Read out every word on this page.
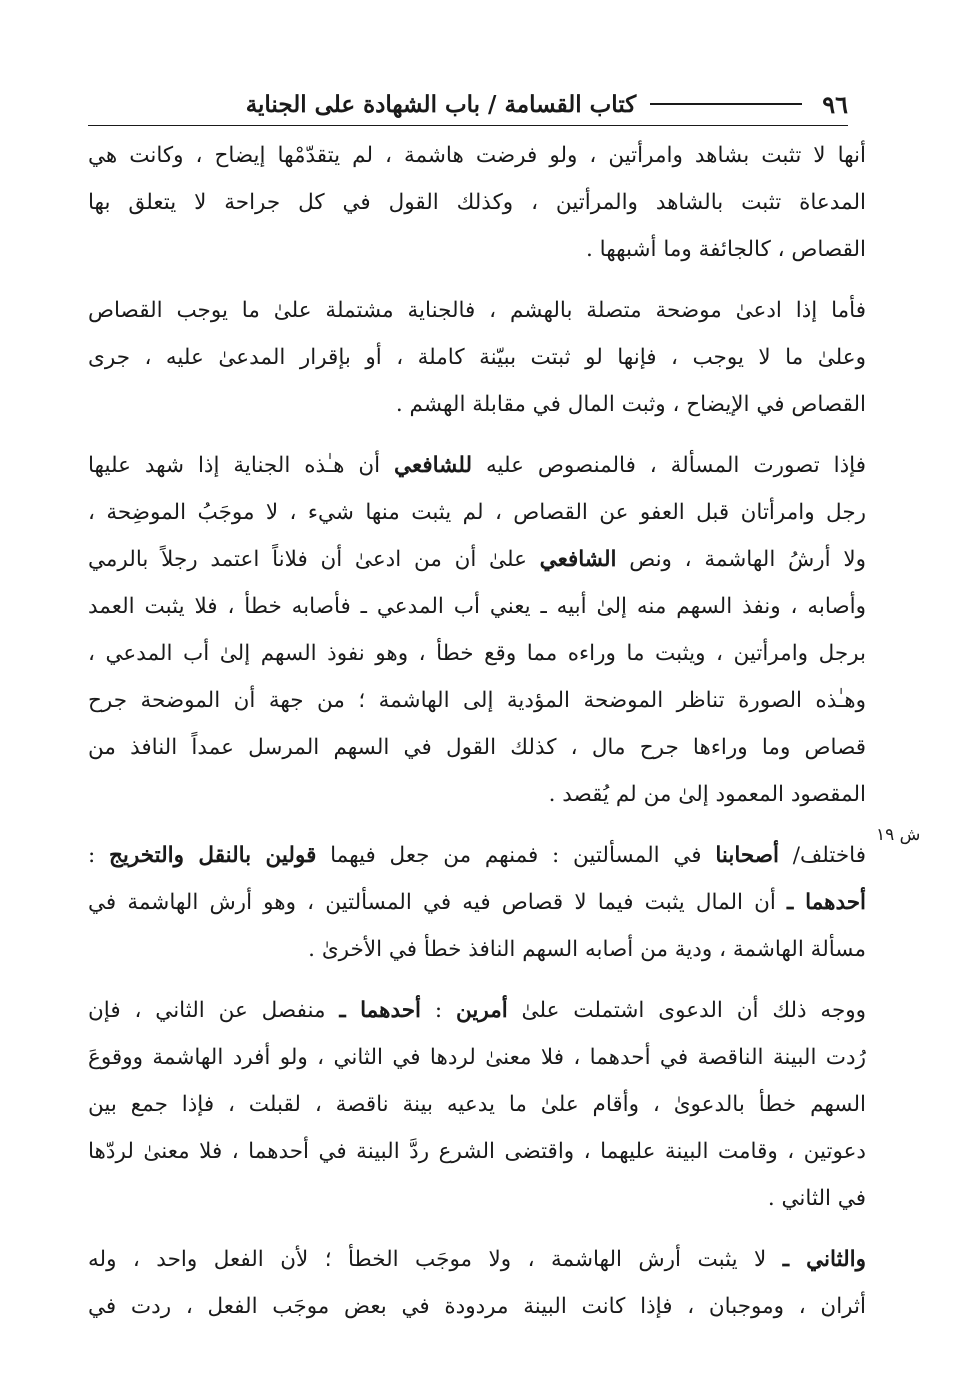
٩٦
كتاب القسامة / باب الشهادة على الجناية
ش ١٩
أنها لا تثبت بشاهد وامرأتين ، ولو فرضت هاشمة ، لم يتقدّمْها إيضاح ، وكانت هي
المدعاة تثبت بالشاهد والمرأتين ، وكذلك القول في كل جراحة لا يتعلق بها
القصاص ، كالجائفة وما أشبهها .
فأما إذا ادعىٰ موضحة متصلة بالهشم ، فالجناية مشتملة علىٰ ما يوجب القصاص
وعلىٰ ما لا يوجب ، فإنها لو ثبتت ببيّنة كاملة ، أو بإقرار المدعىٰ عليه ، جرى
القصاص في الإيضاح ، وثبت المال في مقابلة الهشم .
فإذا تصورت المسألة ، فالمنصوص عليه للشافعي أن هـٰذه الجناية إذا شهد عليها
رجل وامرأتان قبل العفو عن القصاص ، لم يثبت منها شيء ، لا موجَبُ الموضِحة ،
ولا أرشُ الهاشمة ، ونص الشافعي علىٰ أن من ادعىٰ أن فلاناً اعتمد رجلاً بالرمي
وأصابه ، ونفذ السهم منه إلىٰ أبيه ـ يعني أب المدعي ـ فأصابه خطأ ، فلا يثبت العمد
برجل وامرأتين ، ويثبت ما وراءه مما وقع خطأ ، وهو نفوذ السهم إلىٰ أب المدعي ،
وهـٰذه الصورة تناظر الموضحة المؤدية إلى الهاشمة ؛ من جهة أن الموضحة جرح
قصاص وما وراءها جرح مال ، كذلك القول في السهم المرسل عمداً النافذ من
المقصود المعمود إلىٰ من لم يُقصد .
فاختلف/ أصحابنا في المسألتين : فمنهم من جعل فيهما قولين بالنقل والتخريج :
أحدهما ـ أن المال يثبت فيما لا قصاص فيه في المسألتين ، وهو أرش الهاشمة في
مسألة الهاشمة ، ودية من أصابه السهم النافذ خطأ في الأخرىٰ .
ووجه ذلك أن الدعوى اشتملت علىٰ أمرين : أحدهما ـ منفصل عن الثاني ، فإن
رُدت البينة الناقصة في أحدهما ، فلا معنىٰ لردها في الثاني ، ولو أفرد الهاشمة ووقوعَ
السهم خطأ بالدعوىٰ ، وأقام علىٰ ما يدعيه بينة ناقصة ، لقبلت ، فإذا جمع بين
دعوتين ، وقامت البينة عليهما ، واقتضى الشرع ردَّ البينة في أحدهما ، فلا معنىٰ لردّها
في الثاني .
والثاني ـ لا يثبت أرش الهاشمة ، ولا موجَب الخطأ ؛ لأن الفعل واحد ، وله
أثران ، وموجبان ، فإذا كانت البينة مردودة في بعض موجَب الفعل ، ردت في
